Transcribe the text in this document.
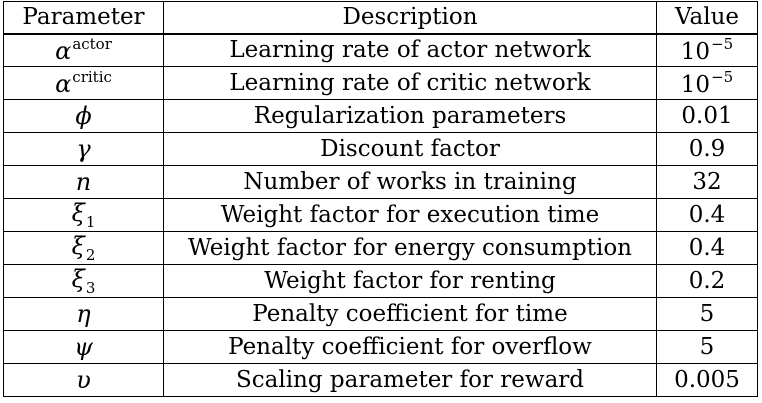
Parameter	Description	Value
$\alpha^{actor}$	Learning rate of actor network	$10^{-5}$
$\alpha^{critic}$	Learning rate of critic network	$10^{-5}$
ϕ	Regularization parameters	0.01
γ	Discount factor	0.9
n	Number of works in training	32
$\xi_1$	Weight factor for execution time	0.4
$\xi_2$	Weight factor for energy consumption	0.4
$\xi_3$	Weight factor for renting	0.2
η	Penalty coefficient for time	5
ψ	Penalty coefficient for overflow	5
υ	Scaling parameter for reward	0.005
